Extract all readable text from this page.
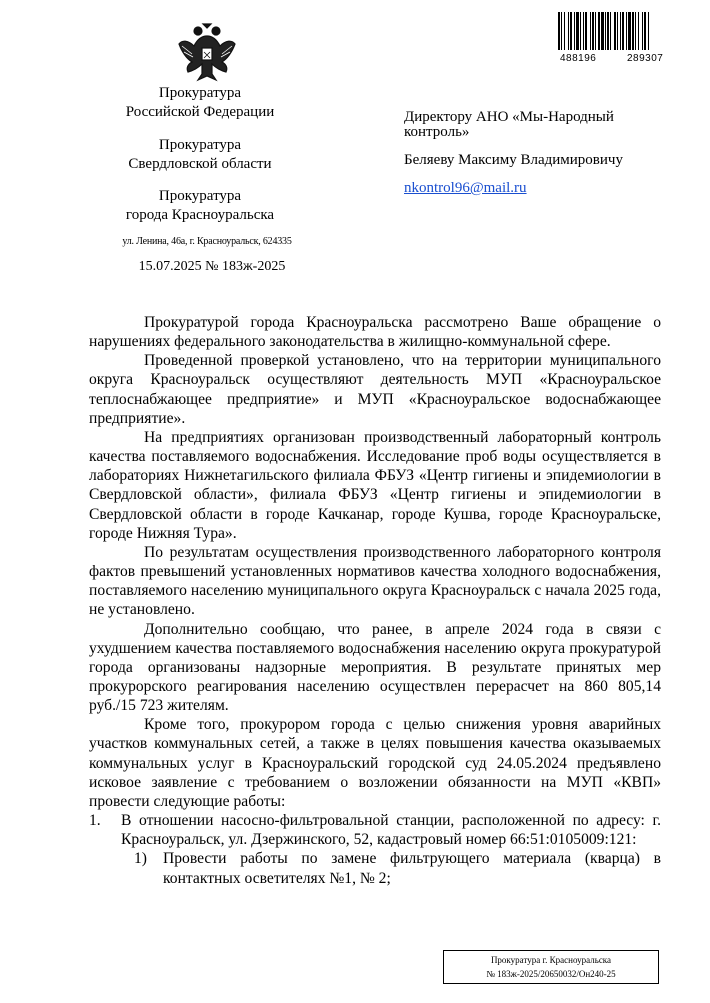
488196	289307
Прокуратура
Российской Федерации
Прокуратура
Свердловской области
Прокуратура
города Красноуральска
ул. Ленина, 46а, г. Красноуральск, 624335
15.07.2025 № 183ж-2025
Директору АНО «Мы-Народный
контроль»
Беляеву Максиму Владимировичу
nkontrol96@mail.ru

Прокуратурой города Красноуральска рассмотрено Ваше обращение о нарушениях федерального законодательства в жилищно-коммунальной сфере.

Проведенной проверкой установлено, что на территории муниципального округа Красноуральск осуществляют деятельность МУП «Красноуральское теплоснабжающее предприятие» и МУП «Красноуральское водоснабжающее предприятие».

На предприятиях организован производственный лабораторный контроль качества поставляемого водоснабжения. Исследование проб воды осуществляется в лабораториях Нижнетагильского филиала ФБУЗ «Центр гигиены и эпидемиологии в Свердловской области», филиала ФБУЗ «Центр гигиены и эпидемиологии в Свердловской области в городе Качканар, городе Кушва, городе Красноуральске, городе Нижняя Тура».

По результатам осуществления производственного лабораторного контроля фактов превышений установленных нормативов качества холодного водоснабжения, поставляемого населению муниципального округа Красноуральск с начала 2025 года, не установлено.

Дополнительно сообщаю, что ранее, в апреле 2024 года в связи с ухудшением качества поставляемого водоснабжения населению округа прокуратурой города организованы надзорные мероприятия. В результате принятых мер прокурорского реагирования населению осуществлен перерасчет на 860 805,14 руб./15 723 жителям.

Кроме того, прокурором города с целью снижения уровня аварийных участков коммунальных сетей, а также в целях повышения качества оказываемых коммунальных услуг в Красноуральский городской суд 24.05.2024 предъявлено исковое заявление с требованием о возложении обязанности на МУП «КВП» провести следующие работы:

1. В отношении насосно-фильтровальной станции, расположенной по адресу: г. Красноуральск, ул. Дзержинского, 52, кадастровый номер 66:51:0105009:121:
1) Провести работы по замене фильтрующего материала (кварца) в контактных осветителях №1, № 2;
Прокуратура г. Красноуральска
№ 183ж-2025/20650032/Он240-25
